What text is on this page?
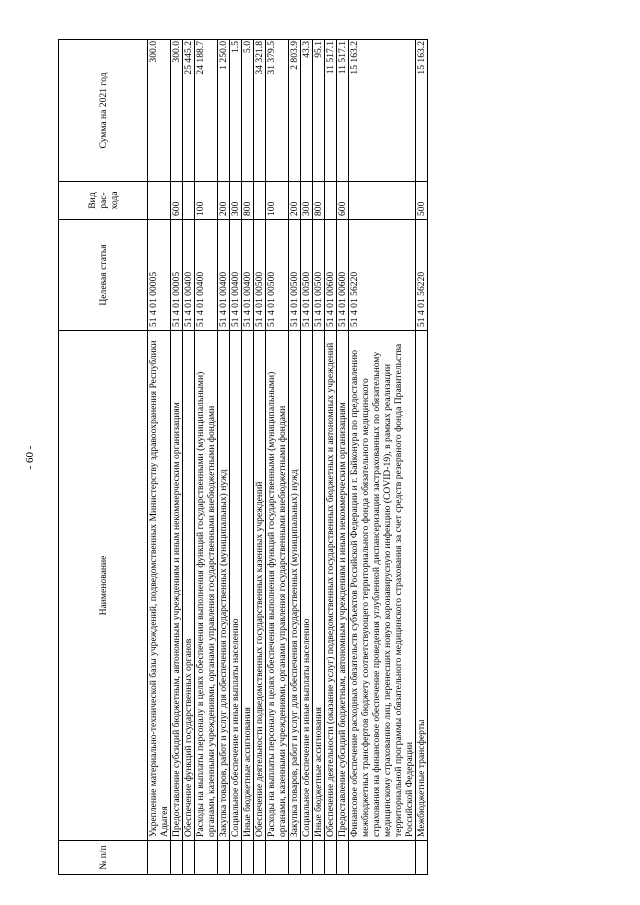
- 60 -
№ п/п	Наименование	Целевая статья	Вид рас- хода	Сумма на 2021 год
	Укрепление материально-технической базы учреждений, подведомственных Министерству здравоохранения Республики Адыгея	51 4 01 00005		300.0
	Предоставление субсидий бюджетным, автономным учреждениям и иным некоммерческим организациям	51 4 01 00005	600	300.0
	Обеспечение функций государственных органов	51 4 01 00400		25 445.2
	Расходы на выплаты персоналу в целях обеспечения выполнения функций государственными (муниципальными) органами, казенными учреждениями, органами управления государственными внебюджетными фондами	51 4 01 00400	100	24 188.7
	Закупка товаров, работ и услуг для обеспечения государственных (муниципальных) нужд	51 4 01 00400	200	1 250.0
	Социальное обеспечение и иные выплаты населению	51 4 01 00400	300	1.5
	Иные бюджетные ассигнования	51 4 01 00400	800	5.0
	Обеспечение деятельности подведомственных государственных казенных учреждений	51 4 01 00500		34 321.8
	Расходы на выплаты персоналу в целях обеспечения выполнения функций государственными (муниципальными) органами, казенными учреждениями, органами управления государственными внебюджетными фондами	51 4 01 00500	100	31 379.5
	Закупка товаров, работ и услуг для обеспечения государственных (муниципальных) нужд	51 4 01 00500	200	2 803.9
	Социальное обеспечение и иные выплаты населению	51 4 01 00500	300	43.3
	Иные бюджетные ассигнования	51 4 01 00500	800	95.1
	Обеспечение деятельности (оказание услуг) подведомственных государственных бюджетных и автономных учреждений	51 4 01 00600		11 517.1
	Предоставление субсидий бюджетным, автономным учреждениям и иным некоммерческим организациям	51 4 01 00600	600	11 517.1
	Финансовое обеспечение расходных обязательств субъектов Российской Федерации и г. Байконура по предоставлению межбюджетных трансфертов бюджету соответствующего территориального фонда обязательного медицинского страхования на финансовое обеспечение проведения углубленной диспансеризации застрахованных по обязательному медицинскому страхованию лиц, перенесших новую коронавирусную инфекцию (COVID-19), в рамках реализации территориальной программы обязательного медицинского страхования за счет средств резервного фонда Правительства Российской Федерации	51 4 01 56220		15 163.2
	Межбюджетные трансферты	51 4 01 56220	500	15 163.2
